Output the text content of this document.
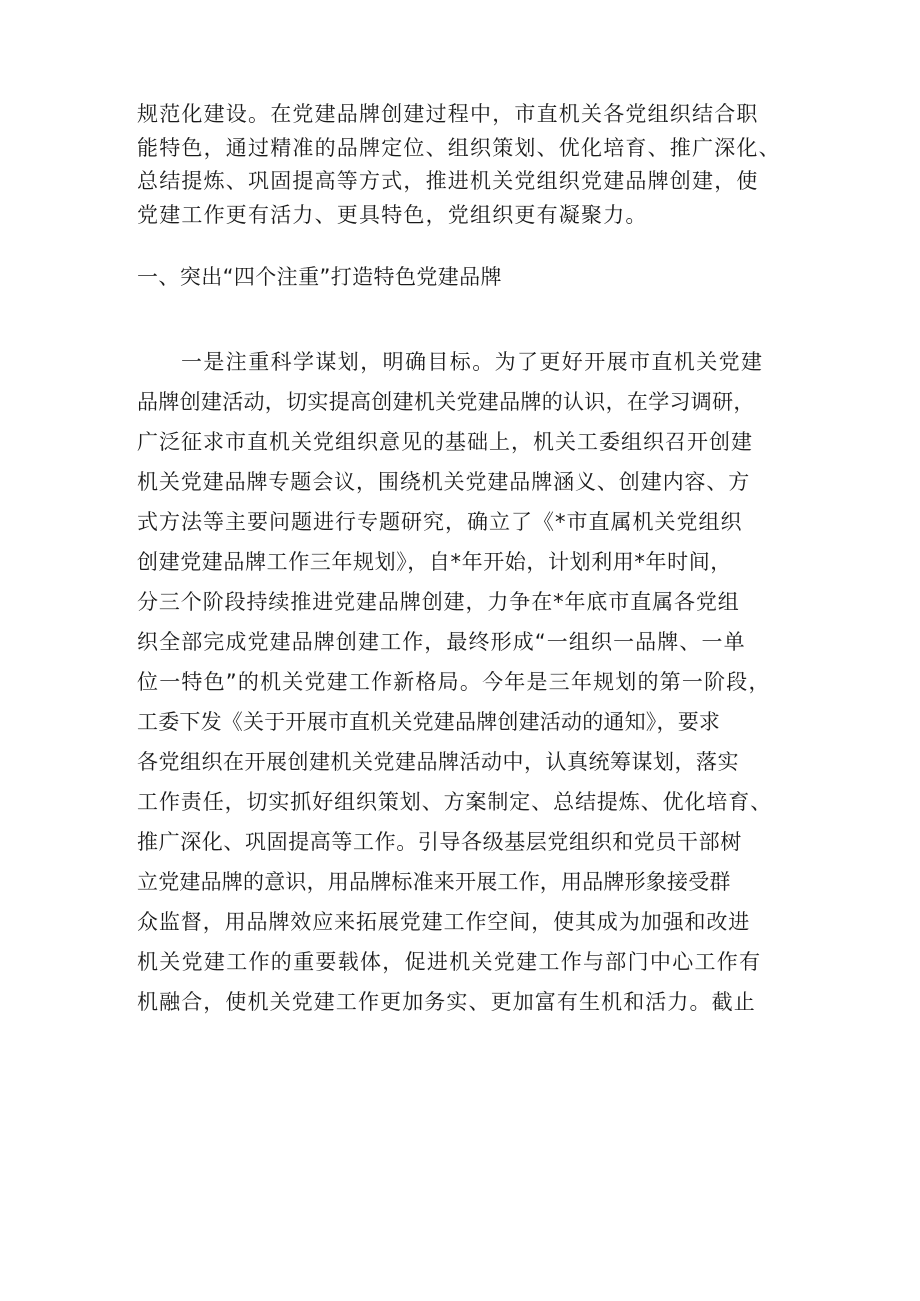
规范化建设。在党建品牌创建过程中，市直机关各党组织结合职
能特色，通过精准的品牌定位、组织策划、优化培育、推广深化、
总结提炼、巩固提高等方式，推进机关党组织党建品牌创建，使
党建工作更有活力、更具特色，党组织更有凝聚力。
一、突出“四个注重”打造特色党建品牌
一是注重科学谋划，明确目标。为了更好开展市直机关党建
品牌创建活动，切实提高创建机关党建品牌的认识，在学习调研，
广泛征求市直机关党组织意见的基础上，机关工委组织召开创建
机关党建品牌专题会议，围绕机关党建品牌涵义、创建内容、方
式方法等主要问题进行专题研究，确立了《*市直属机关党组织
创建党建品牌工作三年规划》，自*年开始，计划利用*年时间，
分三个阶段持续推进党建品牌创建，力争在*年底市直属各党组
织全部完成党建品牌创建工作，最终形成“一组织一品牌、一单
位一特色”的机关党建工作新格局。今年是三年规划的第一阶段，
工委下发《关于开展市直机关党建品牌创建活动的通知》，要求
各党组织在开展创建机关党建品牌活动中，认真统筹谋划，落实
工作责任，切实抓好组织策划、方案制定、总结提炼、优化培育、
推广深化、巩固提高等工作。引导各级基层党组织和党员干部树
立党建品牌的意识，用品牌标准来开展工作，用品牌形象接受群
众监督，用品牌效应来拓展党建工作空间，使其成为加强和改进
机关党建工作的重要载体，促进机关党建工作与部门中心工作有
机融合，使机关党建工作更加务实、更加富有生机和活力。截止
